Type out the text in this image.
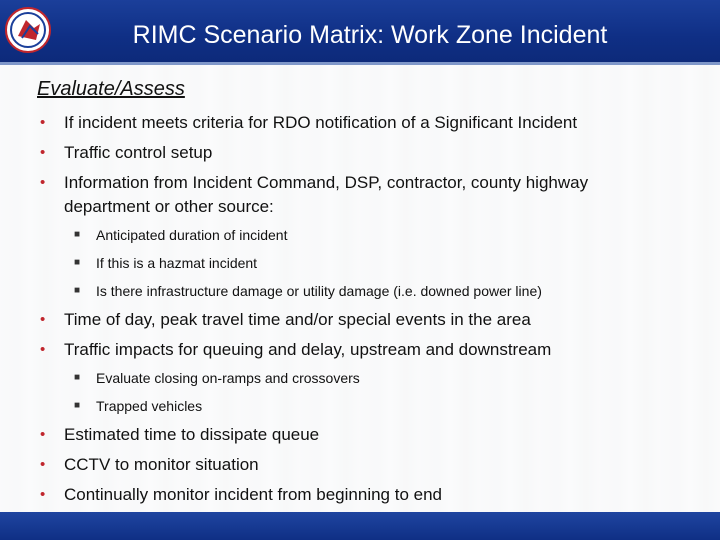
RIMC Scenario Matrix: Work Zone Incident
Evaluate/Assess
• If incident meets criteria for RDO notification of a Significant Incident
• Traffic control setup
• Information from Incident Command, DSP, contractor, county highway department or other source:
■ Anticipated duration of incident
■ If this is a hazmat incident
■ Is there infrastructure damage or utility damage (i.e. downed power line)
• Time of day, peak travel time and/or special events in the area
• Traffic impacts for queuing and delay, upstream and downstream
■ Evaluate closing on-ramps and crossovers
■ Trapped vehicles
• Estimated time to dissipate queue
• CCTV to monitor situation
• Continually monitor incident from beginning to end
